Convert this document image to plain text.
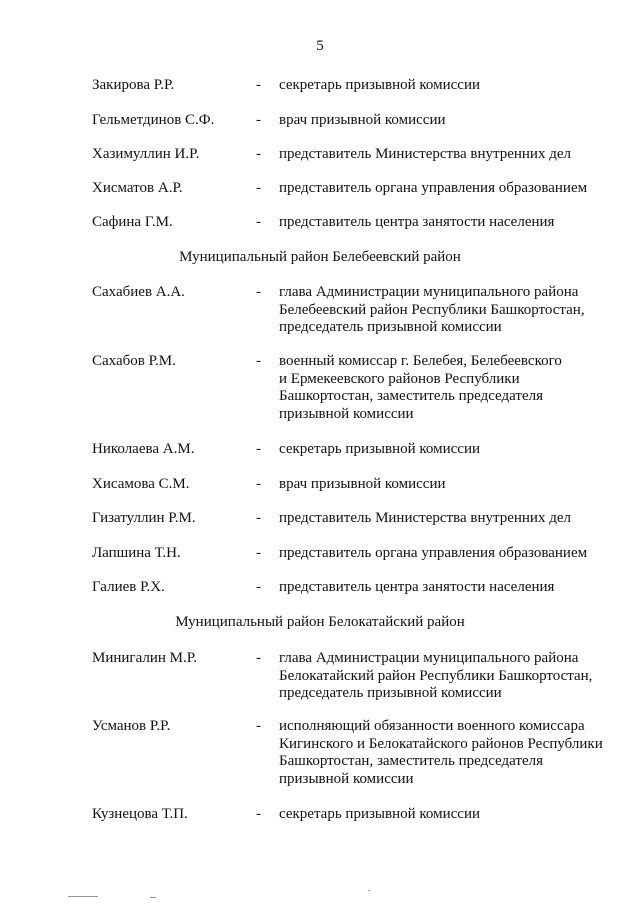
5
Закирова Р.Р.	- секретарь призывной комиссии
Гельметдинов С.Ф.	- врач призывной комиссии
Хазимуллин И.Р.	- представитель Министерства внутренних дел
Хисматов А.Р.	- представитель органа управления образованием
Сафина Г.М.	- представитель центра занятости населения
Муниципальный район Белебеевский район
Сахабиев А.А.	- глава Администрации муниципального района
Белебеевский район Республики Башкортостан,
председатель призывной комиссии
Сахабов Р.М.	- военный комиссар г. Белебея, Белебеевского
и Ермекеевского районов Республики
Башкортостан, заместитель председателя
призывной комиссии
Николаева А.М.	- секретарь призывной комиссии
Хисамова С.М.	- врач призывной комиссии
Гизатуллин Р.М.	- представитель Министерства внутренних дел
Лапшина Т.Н.	- представитель органа управления образованием
Галиев Р.Х.	- представитель центра занятости населения
Муниципальный район Белокатайский район
Минигалин М.Р.	- глава Администрации муниципального района
Белокатайский район Республики Башкортостан,
председатель призывной комиссии
Усманов Р.Р.	- исполняющий обязанности военного комиссара
Кигинского и Белокатайского районов Республики
Башкортостан, заместитель председателя
призывной комиссии
Кузнецова Т.П.	- секретарь призывной комиссии
